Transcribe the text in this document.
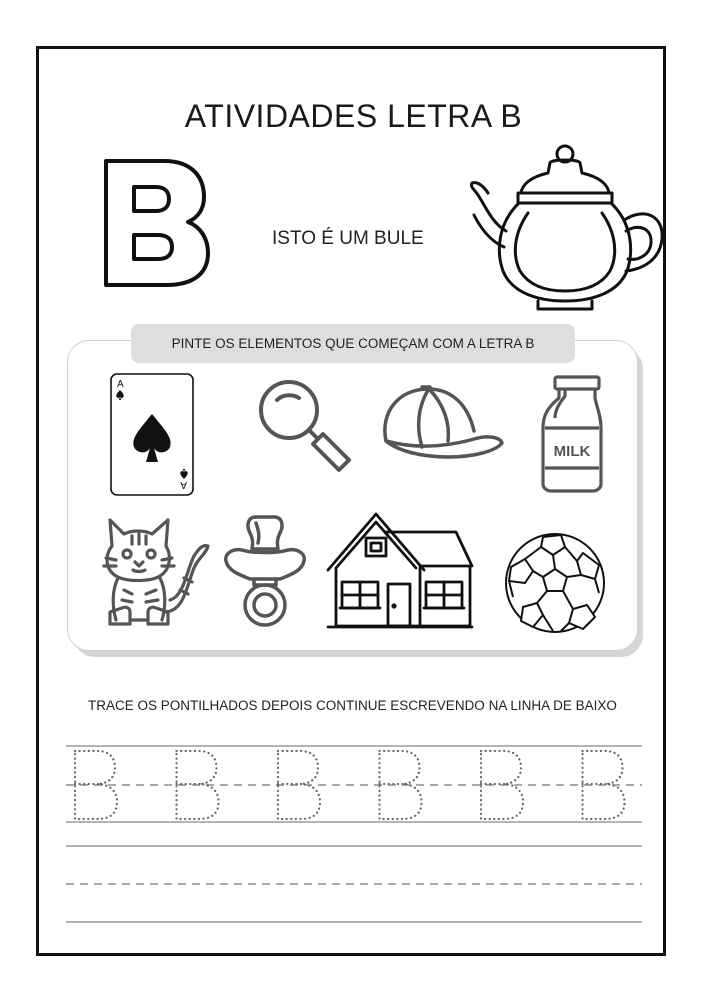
ATIVIDADES LETRA B
ISTO É UM BULE
PINTE OS ELEMENTOS QUE COMEÇAM COM A LETRA B
A
A
MILK
TRACE OS PONTILHADOS DEPOIS CONTINUE ESCREVENDO NA LINHA DE BAIXO
